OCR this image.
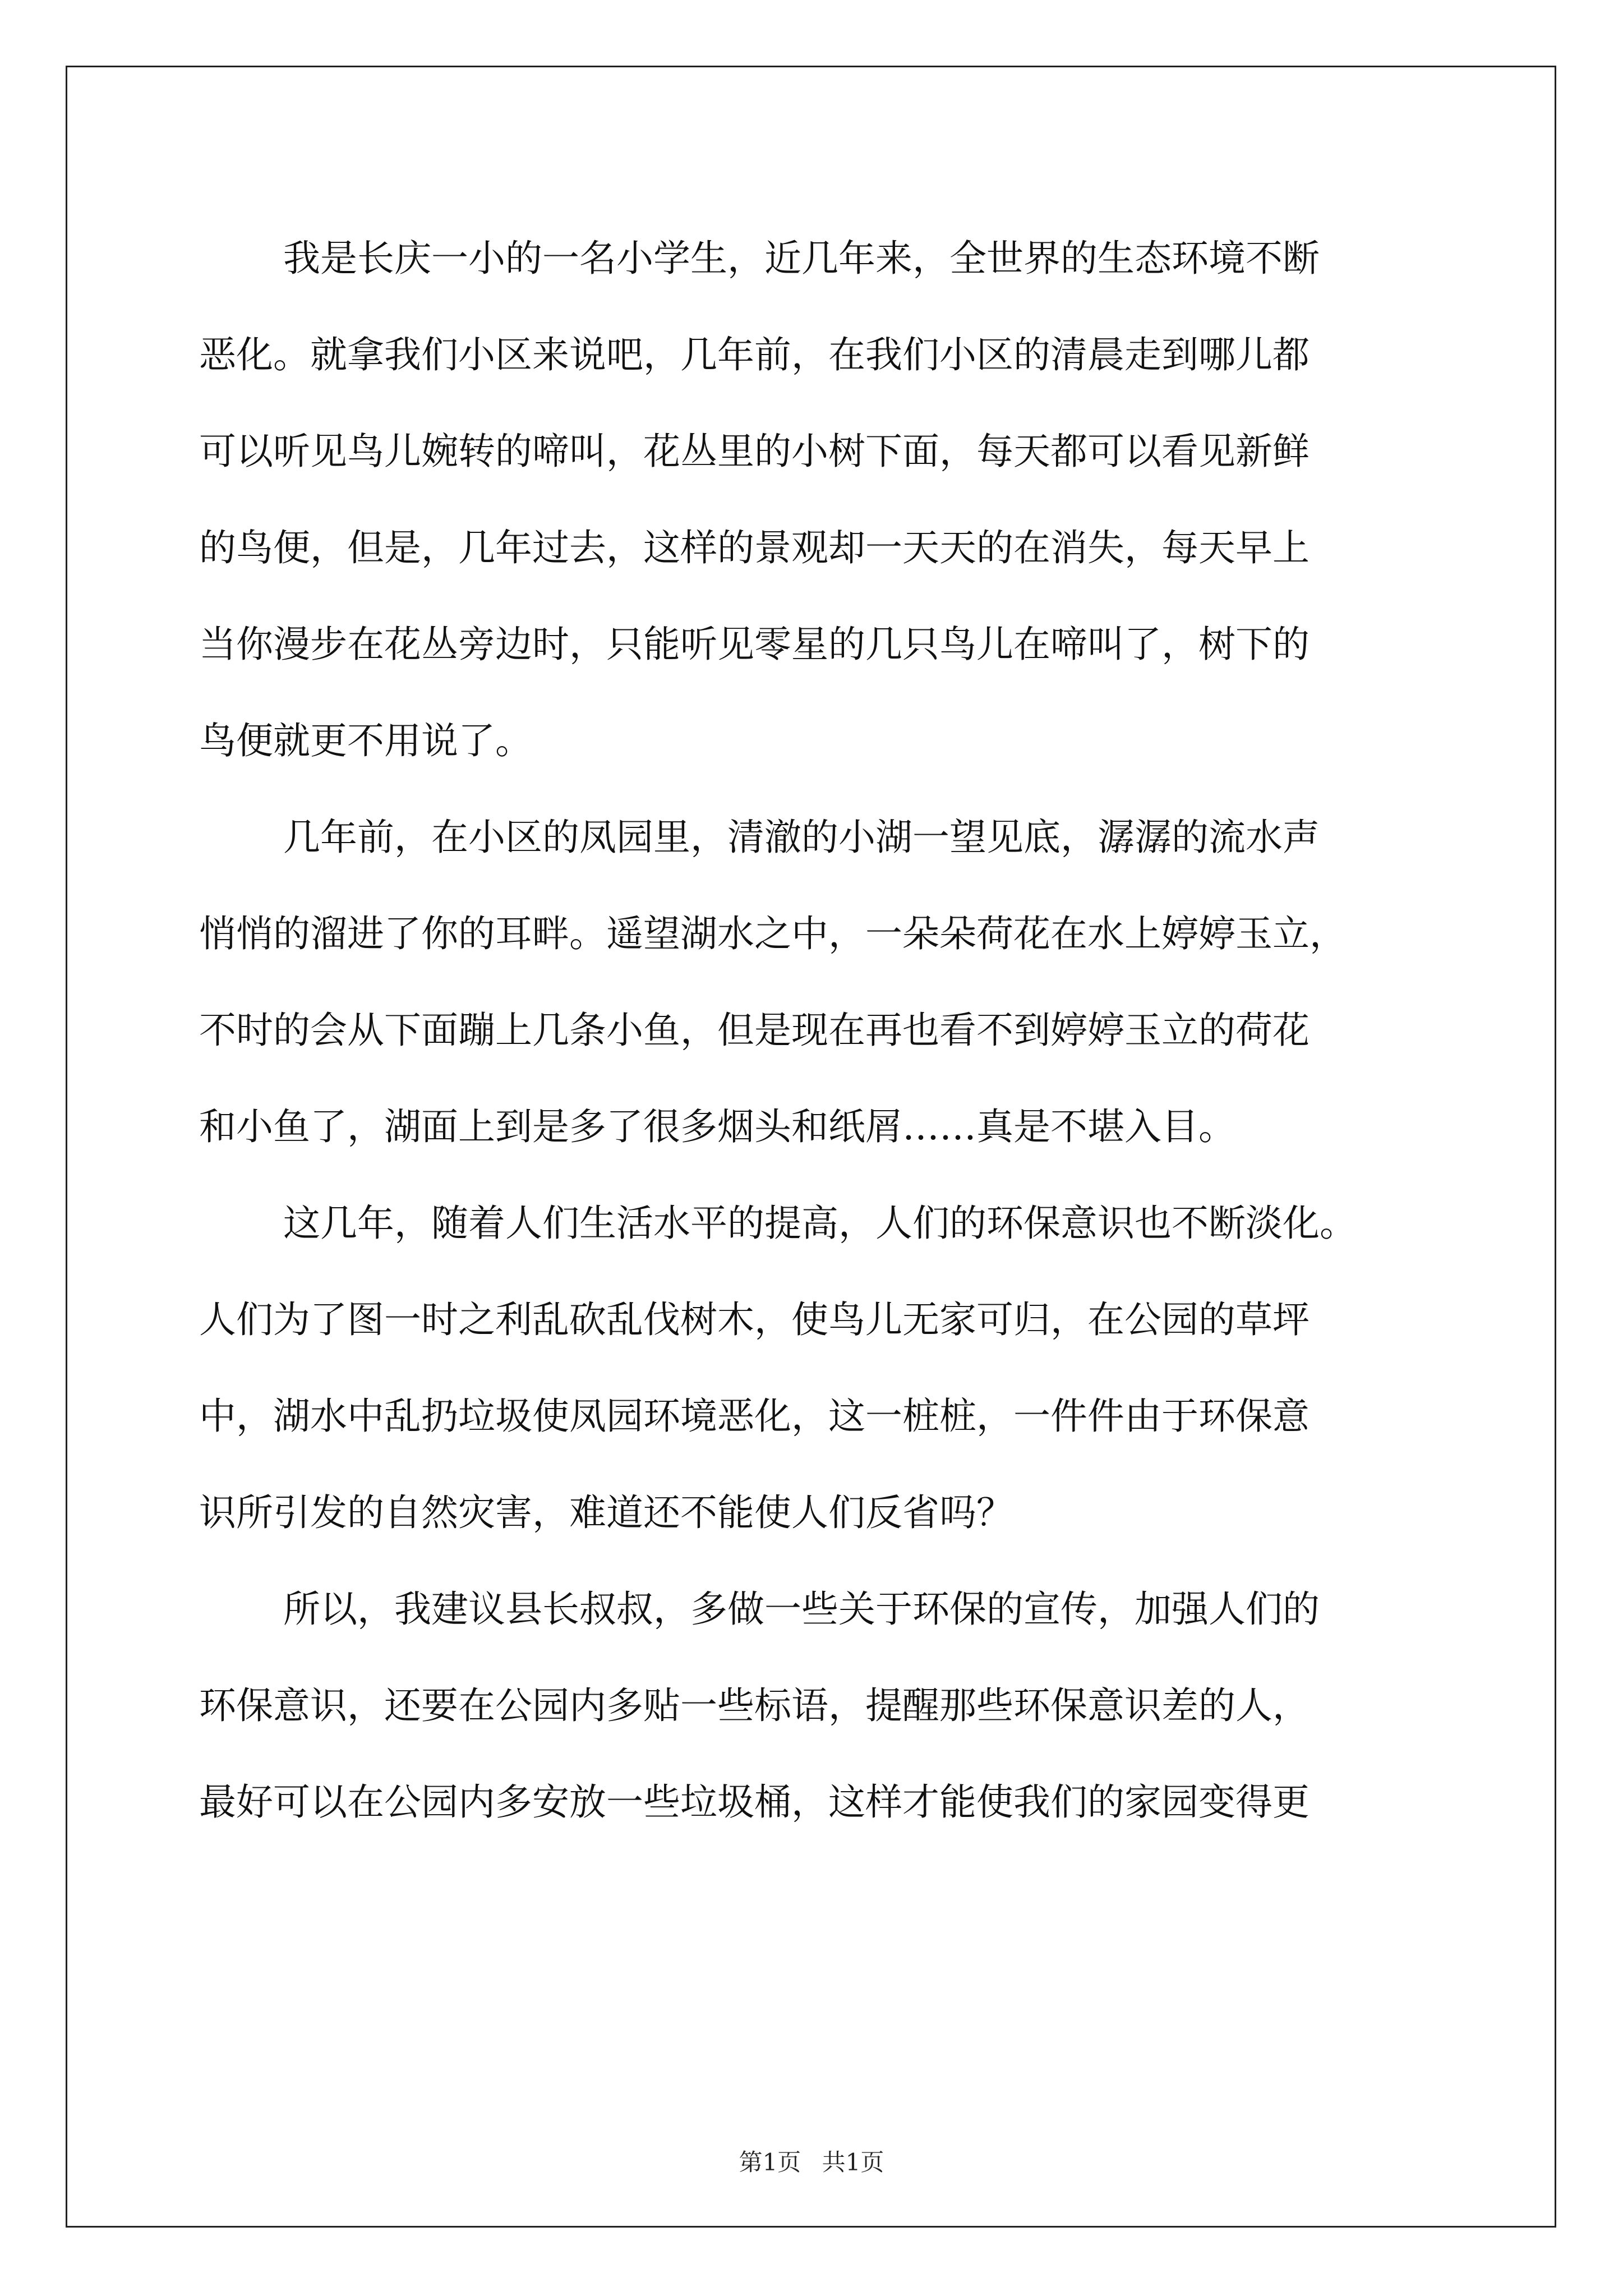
我是长庆一小的一名小学生，近几年来，全世界的生态环境不断
恶化。就拿我们小区来说吧，几年前，在我们小区的清晨走到哪儿都
可以听见鸟儿婉转的啼叫，花丛里的小树下面，每天都可以看见新鲜
的鸟便，但是，几年过去，这样的景观却一天天的在消失，每天早上
当你漫步在花丛旁边时，只能听见零星的几只鸟儿在啼叫了，树下的
鸟便就更不用说了。
几年前，在小区的凤园里，清澈的小湖一望见底，潺潺的流水声
悄悄的溜进了你的耳畔。遥望湖水之中，一朵朵荷花在水上婷婷玉立，
不时的会从下面蹦上几条小鱼，但是现在再也看不到婷婷玉立的荷花
和小鱼了，湖面上到是多了很多烟头和纸屑……真是不堪入目。
这几年，随着人们生活水平的提高，人们的环保意识也不断淡化。
人们为了图一时之利乱砍乱伐树木，使鸟儿无家可归，在公园的草坪
中，湖水中乱扔垃圾使凤园环境恶化，这一桩桩，一件件由于环保意
识所引发的自然灾害，难道还不能使人们反省吗？
所以，我建议县长叔叔，多做一些关于环保的宣传，加强人们的
环保意识，还要在公园内多贴一些标语，提醒那些环保意识差的人，
最好可以在公园内多安放一些垃圾桶，这样才能使我们的家园变得更
第1页 共1页
